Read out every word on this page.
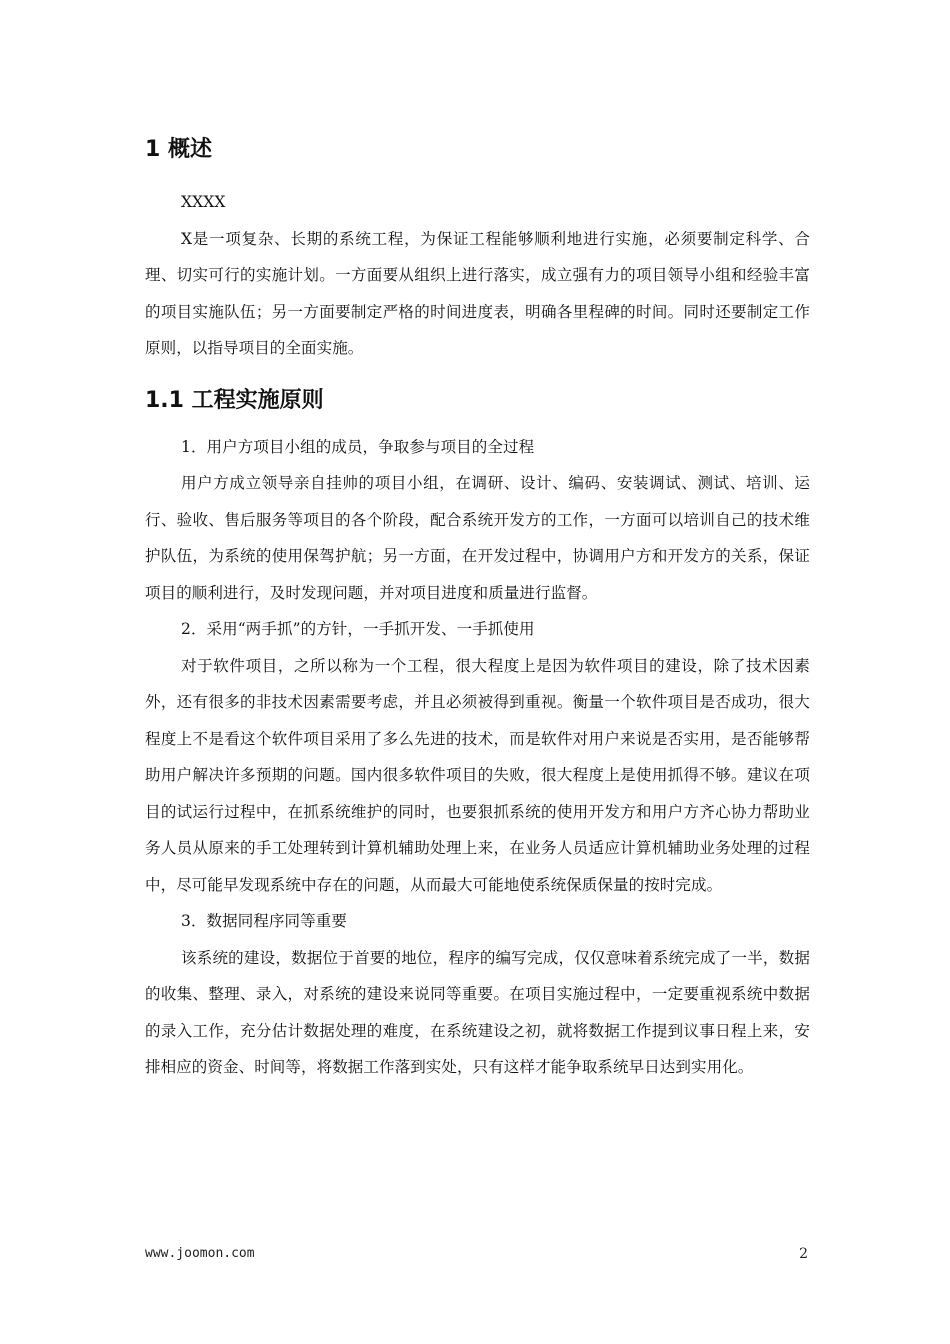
1 概述

XXXX

X是一项复杂、长期的系统工程，为保证工程能够顺利地进行实施，必须要制定科学、合理、切实可行的实施计划。一方面要从组织上进行落实，成立强有力的项目领导小组和经验丰富的项目实施队伍；另一方面要制定严格的时间进度表，明确各里程碑的时间。同时还要制定工作原则，以指导项目的全面实施。

1.1 工程实施原则

1．用户方项目小组的成员，争取参与项目的全过程

用户方成立领导亲自挂帅的项目小组，在调研、设计、编码、安装调试、测试、培训、运行、验收、售后服务等项目的各个阶段，配合系统开发方的工作，一方面可以培训自己的技术维护队伍，为系统的使用保驾护航；另一方面，在开发过程中，协调用户方和开发方的关系，保证项目的顺利进行，及时发现问题，并对项目进度和质量进行监督。

2．采用“两手抓”的方针，一手抓开发、一手抓使用

对于软件项目，之所以称为一个工程，很大程度上是因为软件项目的建设，除了技术因素外，还有很多的非技术因素需要考虑，并且必须被得到重视。衡量一个软件项目是否成功，很大程度上不是看这个软件项目采用了多么先进的技术，而是软件对用户来说是否实用，是否能够帮助用户解决许多预期的问题。国内很多软件项目的失败，很大程度上是使用抓得不够。建议在项目的试运行过程中，在抓系统维护的同时，也要狠抓系统的使用开发方和用户方齐心协力帮助业务人员从原来的手工处理转到计算机辅助处理上来，在业务人员适应计算机辅助业务处理的过程中，尽可能早发现系统中存在的问题，从而最大可能地使系统保质保量的按时完成。

3．数据同程序同等重要

该系统的建设，数据位于首要的地位，程序的编写完成，仅仅意味着系统完成了一半，数据的收集、整理、录入，对系统的建设来说同等重要。在项目实施过程中，一定要重视系统中数据的录入工作，充分估计数据处理的难度，在系统建设之初，就将数据工作提到议事日程上来，安排相应的资金、时间等，将数据工作落到实处，只有这样才能争取系统早日达到实用化。

www.joomon.com	2
